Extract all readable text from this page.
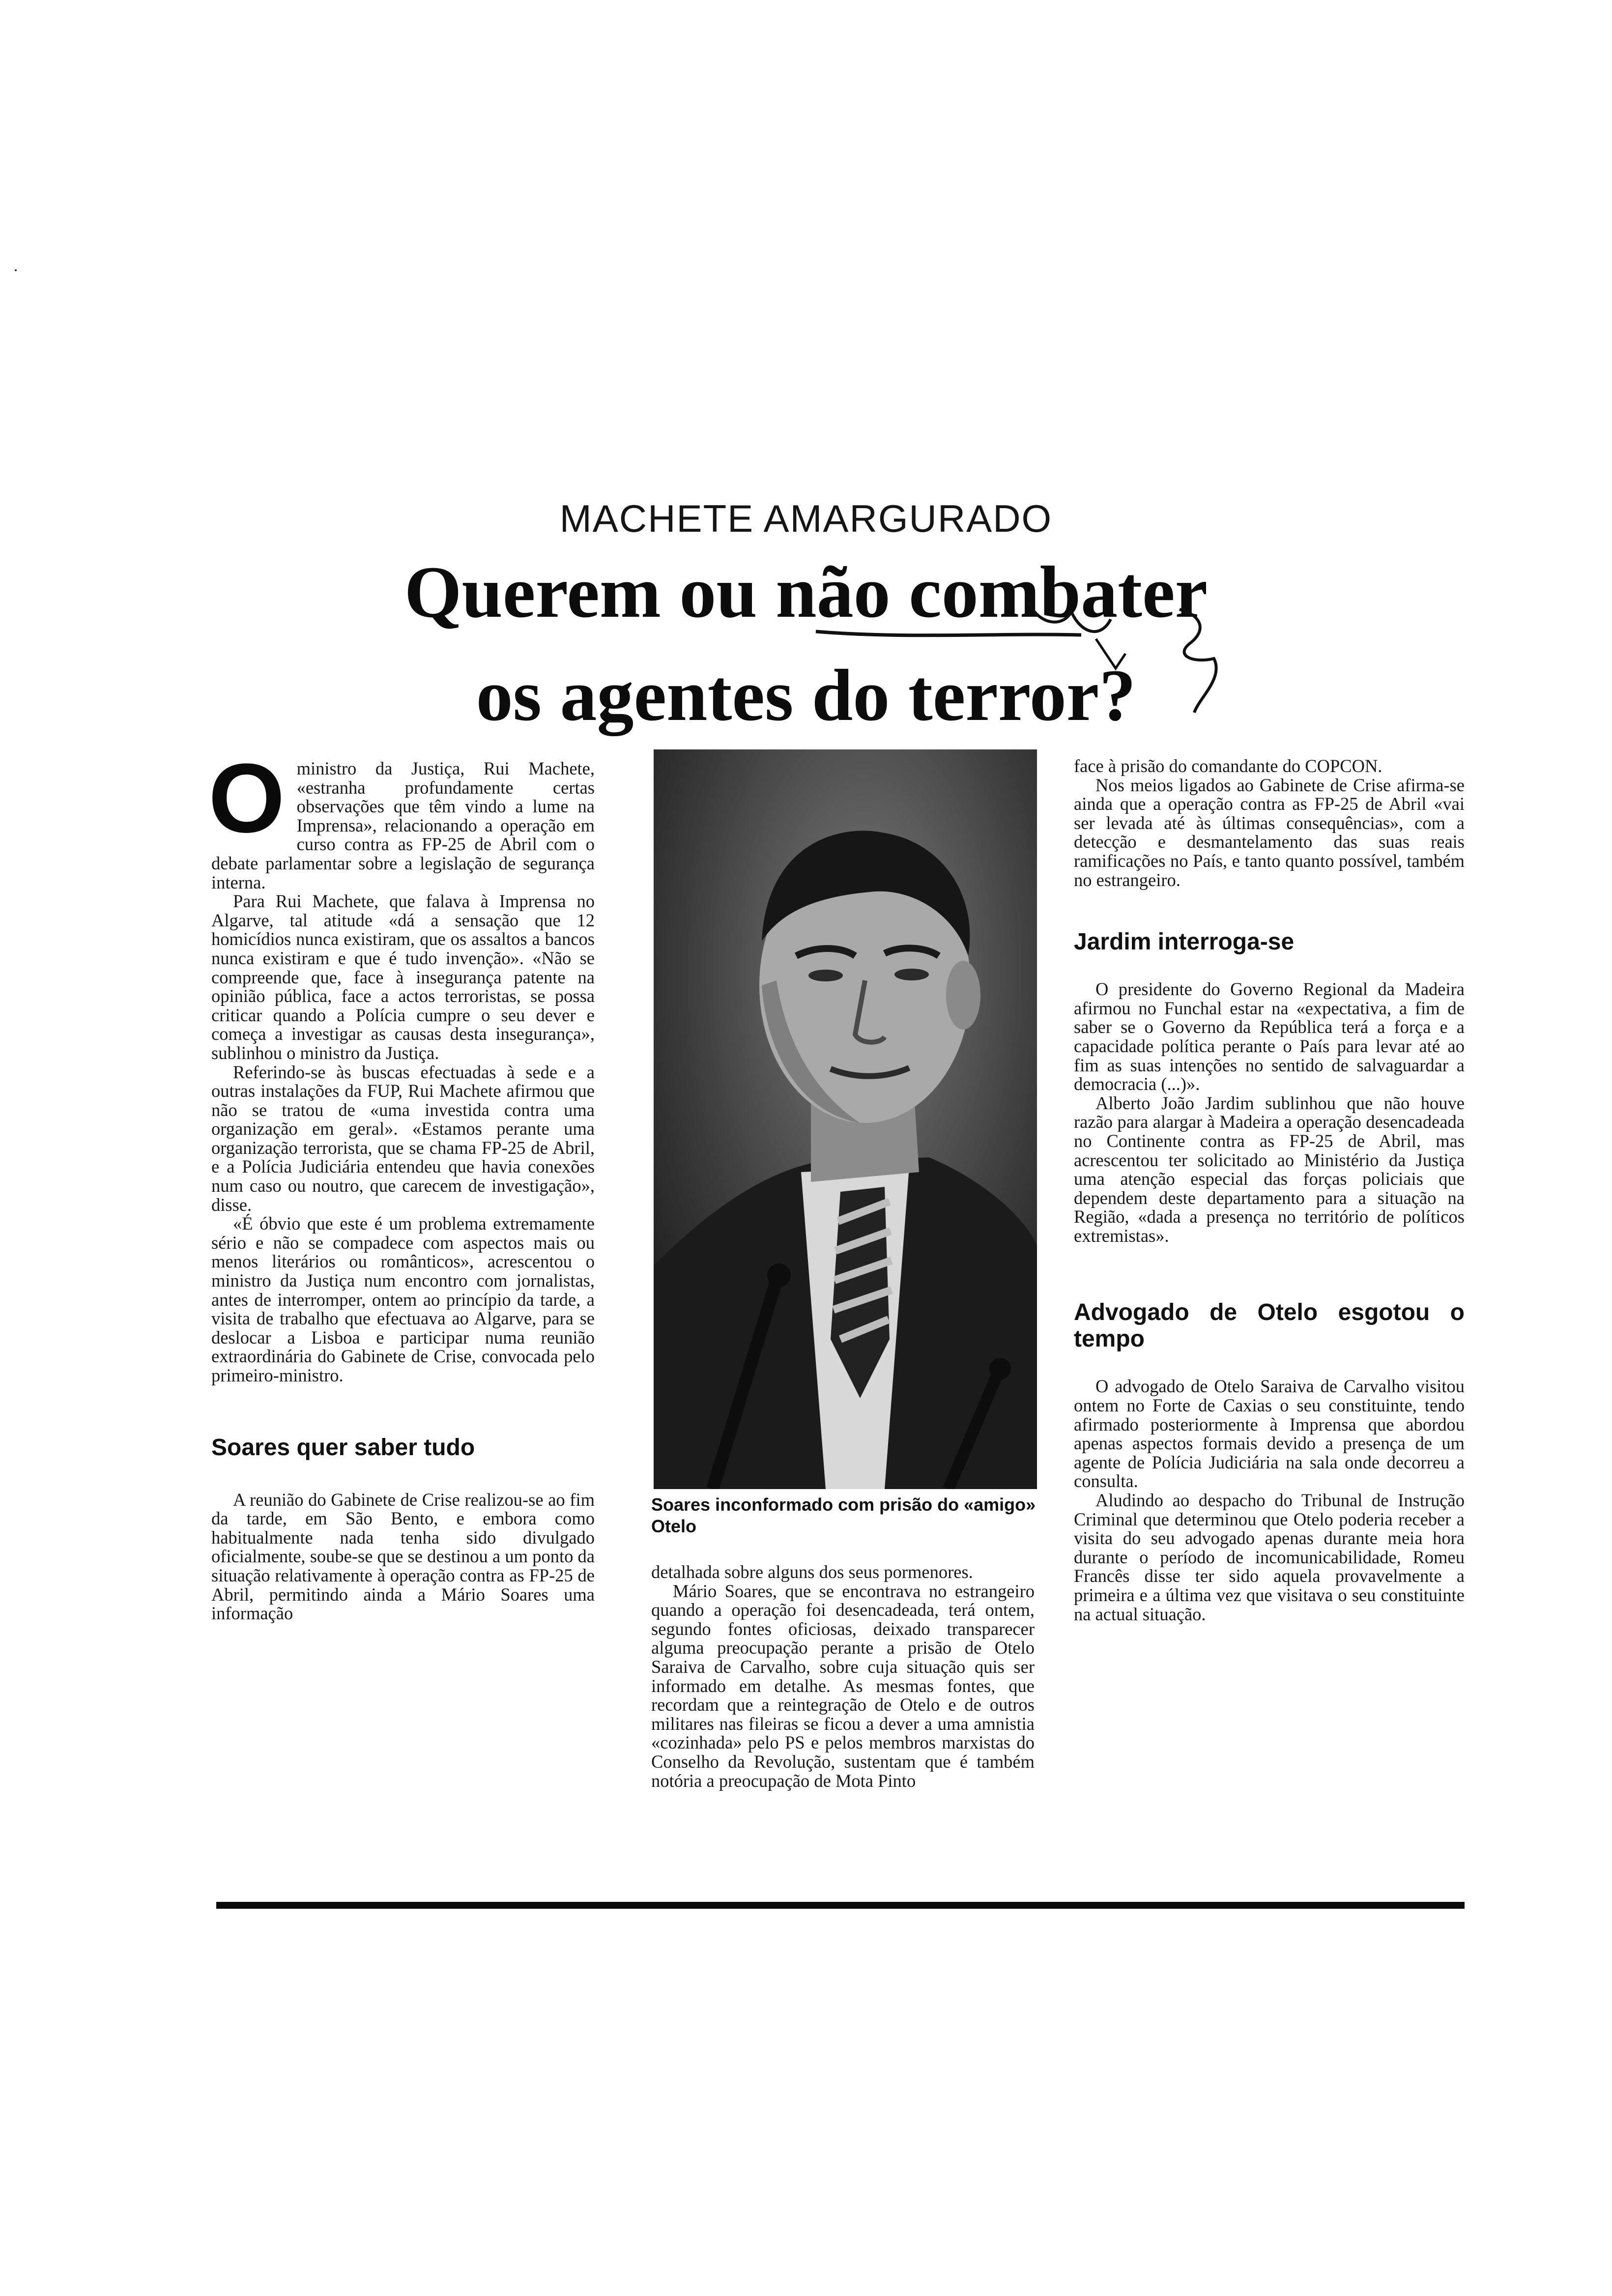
MACHETE AMARGURADO
Querem ou não combater
os agentes do terror?
O ministro da Justiça, Rui Machete, «estranha profundamente certas observações que têm vindo a lume na Imprensa», relacionando a operação em curso contra as FP-25 de Abril com o debate parlamentar sobre a legislação de segurança interna.

Para Rui Machete, que falava à Imprensa no Algarve, tal atitude «dá a sensação que 12 homicídios nunca existiram, que os assaltos a bancos nunca existiram e que é tudo invenção». «Não se compreende que, face à insegurança patente na opinião pública, face a actos terroristas, se possa criticar quando a Polícia cumpre o seu dever e começa a investigar as causas desta insegurança», sublinhou o ministro da Justiça.

Referindo-se às buscas efectuadas à sede e a outras instalações da FUP, Rui Machete afirmou que não se tratou de «uma investida contra uma organização em geral». «Estamos perante uma organização terrorista, que se chama FP-25 de Abril, e a Polícia Judiciária entendeu que havia conexões num caso ou noutro, que carecem de investigação», disse.

«É óbvio que este é um problema extremamente sério e não se compadece com aspectos mais ou menos literários ou românticos», acrescentou o ministro da Justiça num encontro com jornalistas, antes de interromper, ontem ao princípio da tarde, a visita de trabalho que efectuava ao Algarve, para se deslocar a Lisboa e participar numa reunião extraordinária do Gabinete de Crise, convocada pelo primeiro-ministro.

Soares quer saber tudo

A reunião do Gabinete de Crise realizou-se ao fim da tarde, em São Bento, e embora como habitualmente nada tenha sido divulgado oficialmente, soube-se que se destinou a um ponto da situação relativamente à operação contra as FP-25 de Abril, permitindo ainda a Mário Soares uma informação

Soares inconformado com prisão do «amigo» Otelo

detalhada sobre alguns dos seus pormenores.

Mário Soares, que se encontrava no estrangeiro quando a operação foi desencadeada, terá ontem, segundo fontes oficiosas, deixado transparecer alguma preocupação perante a prisão de Otelo Saraiva de Carvalho, sobre cuja situação quis ser informado em detalhe. As mesmas fontes, que recordam que a reintegração de Otelo e de outros militares nas fileiras se ficou a dever a uma amnistia «cozinhada» pelo PS e pelos membros marxistas do Conselho da Revolução, sustentam que é também notória a preocupação de Mota Pinto

face à prisão do comandante do COPCON.

Nos meios ligados ao Gabinete de Crise afirma-se ainda que a operação contra as FP-25 de Abril «vai ser levada até às últimas consequências», com a detecção e desmantelamento das suas reais ramificações no País, e tanto quanto possível, também no estrangeiro.

Jardim interroga-se

O presidente do Governo Regional da Madeira afirmou no Funchal estar na «expectativa, a fim de saber se o Governo da República terá a força e a capacidade política perante o País para levar até ao fim as suas intenções no sentido de salvaguardar a democracia (...)».

Alberto João Jardim sublinhou que não houve razão para alargar à Madeira a operação desencadeada no Continente contra as FP-25 de Abril, mas acrescentou ter solicitado ao Ministério da Justiça uma atenção especial das forças policiais que dependem deste departamento para a situação na Região, «dada a presença no território de políticos extremistas».

Advogado de Otelo esgotou o tempo

O advogado de Otelo Saraiva de Carvalho visitou ontem no Forte de Caxias o seu constituinte, tendo afirmado posteriormente à Imprensa que abordou apenas aspectos formais devido a presença de um agente de Polícia Judiciária na sala onde decorreu a consulta.

Aludindo ao despacho do Tribunal de Instrução Criminal que determinou que Otelo poderia receber a visita do seu advogado apenas durante meia hora durante o período de incomunicabilidade, Romeu Francês disse ter sido aquela provavelmente a primeira e a última vez que visitava o seu constituinte na actual situação.
